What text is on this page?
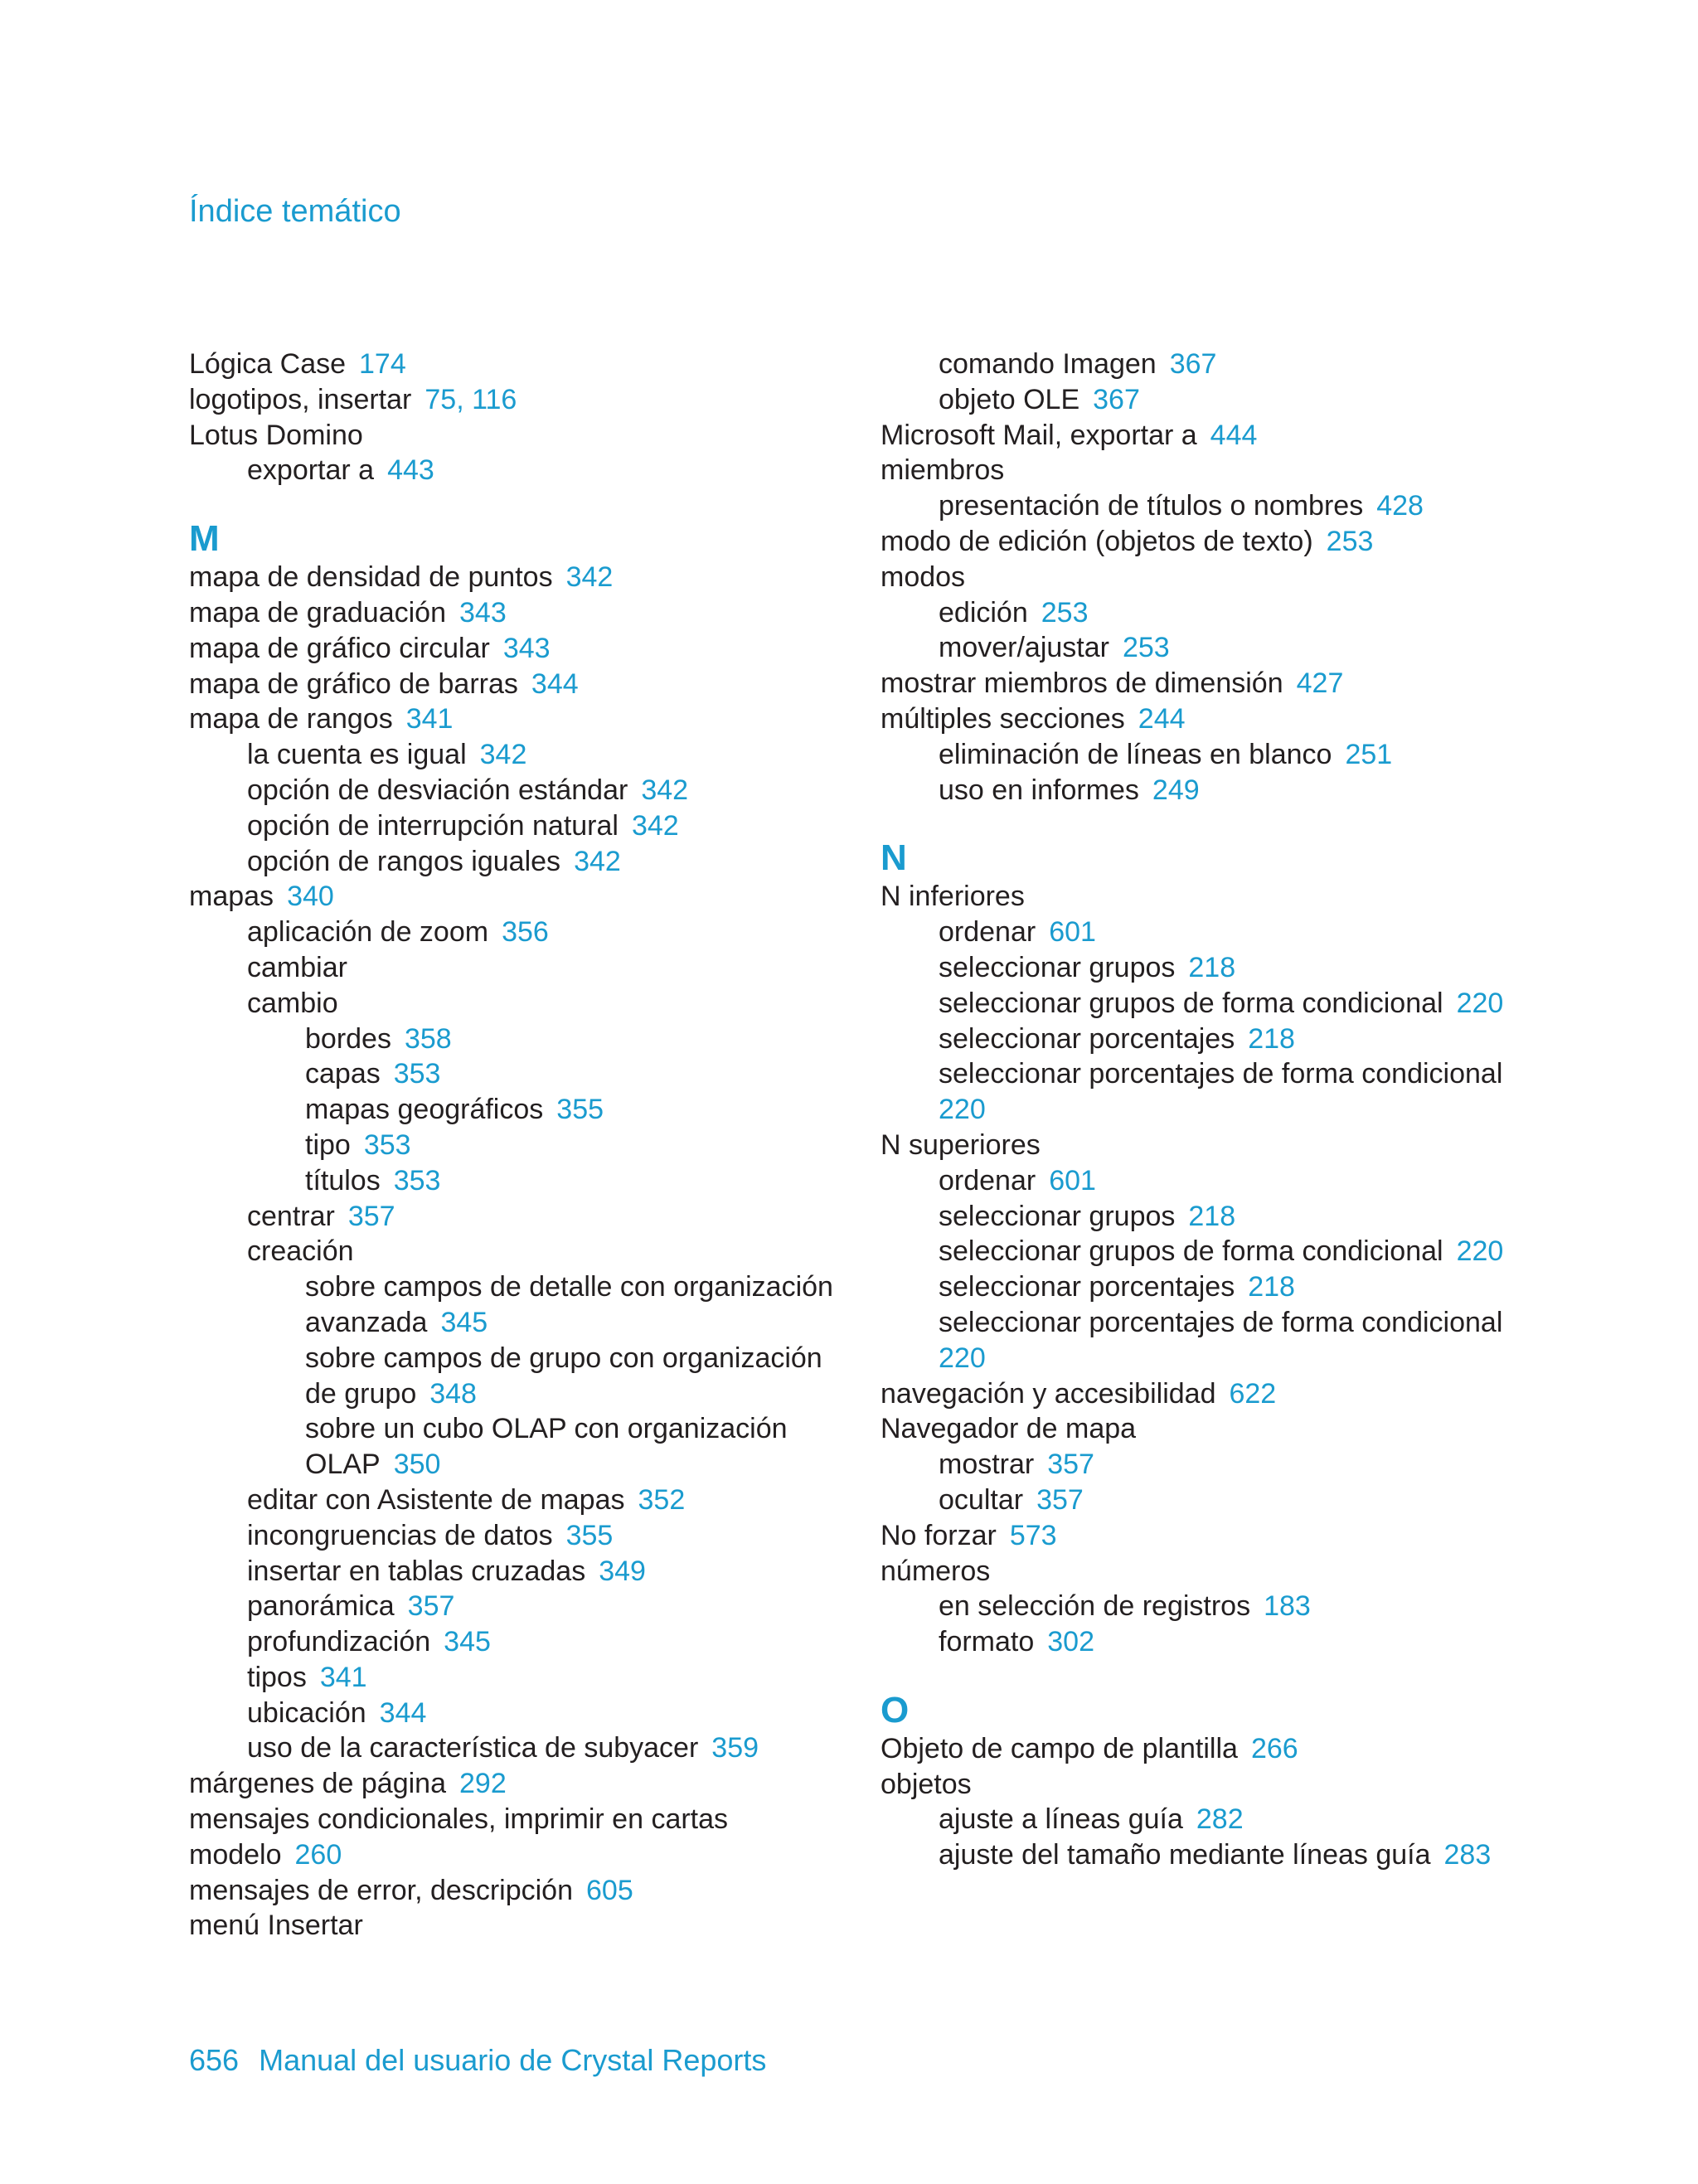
Índice temático
Lógica Case 174
logotipos, insertar 75, 116
Lotus Domino
exportar a 443
M
mapa de densidad de puntos 342
mapa de graduación 343
mapa de gráfico circular 343
mapa de gráfico de barras 344
mapa de rangos 341
la cuenta es igual 342
opción de desviación estándar 342
opción de interrupción natural 342
opción de rangos iguales 342
mapas 340
aplicación de zoom 356
cambiar
cambio
bordes 358
capas 353
mapas geográficos 355
tipo 353
títulos 353
centrar 357
creación
sobre campos de detalle con organización
avanzada 345
sobre campos de grupo con organización
de grupo 348
sobre un cubo OLAP con organización
OLAP 350
editar con Asistente de mapas 352
incongruencias de datos 355
insertar en tablas cruzadas 349
panorámica 357
profundización 345
tipos 341
ubicación 344
uso de la característica de subyacer 359
márgenes de página 292
mensajes condicionales, imprimir en cartas
modelo 260
mensajes de error, descripción 605
menú Insertar
comando Imagen 367
objeto OLE 367
Microsoft Mail, exportar a 444
miembros
presentación de títulos o nombres 428
modo de edición (objetos de texto) 253
modos
edición 253
mover/ajustar 253
mostrar miembros de dimensión 427
múltiples secciones 244
eliminación de líneas en blanco 251
uso en informes 249
N
N inferiores
ordenar 601
seleccionar grupos 218
seleccionar grupos de forma condicional 220
seleccionar porcentajes 218
seleccionar porcentajes de forma condicional
220
N superiores
ordenar 601
seleccionar grupos 218
seleccionar grupos de forma condicional 220
seleccionar porcentajes 218
seleccionar porcentajes de forma condicional
220
navegación y accesibilidad 622
Navegador de mapa
mostrar 357
ocultar 357
No forzar 573
números
en selección de registros 183
formato 302
O
Objeto de campo de plantilla 266
objetos
ajuste a líneas guía 282
ajuste del tamaño mediante líneas guía 283
656 Manual del usuario de Crystal Reports
